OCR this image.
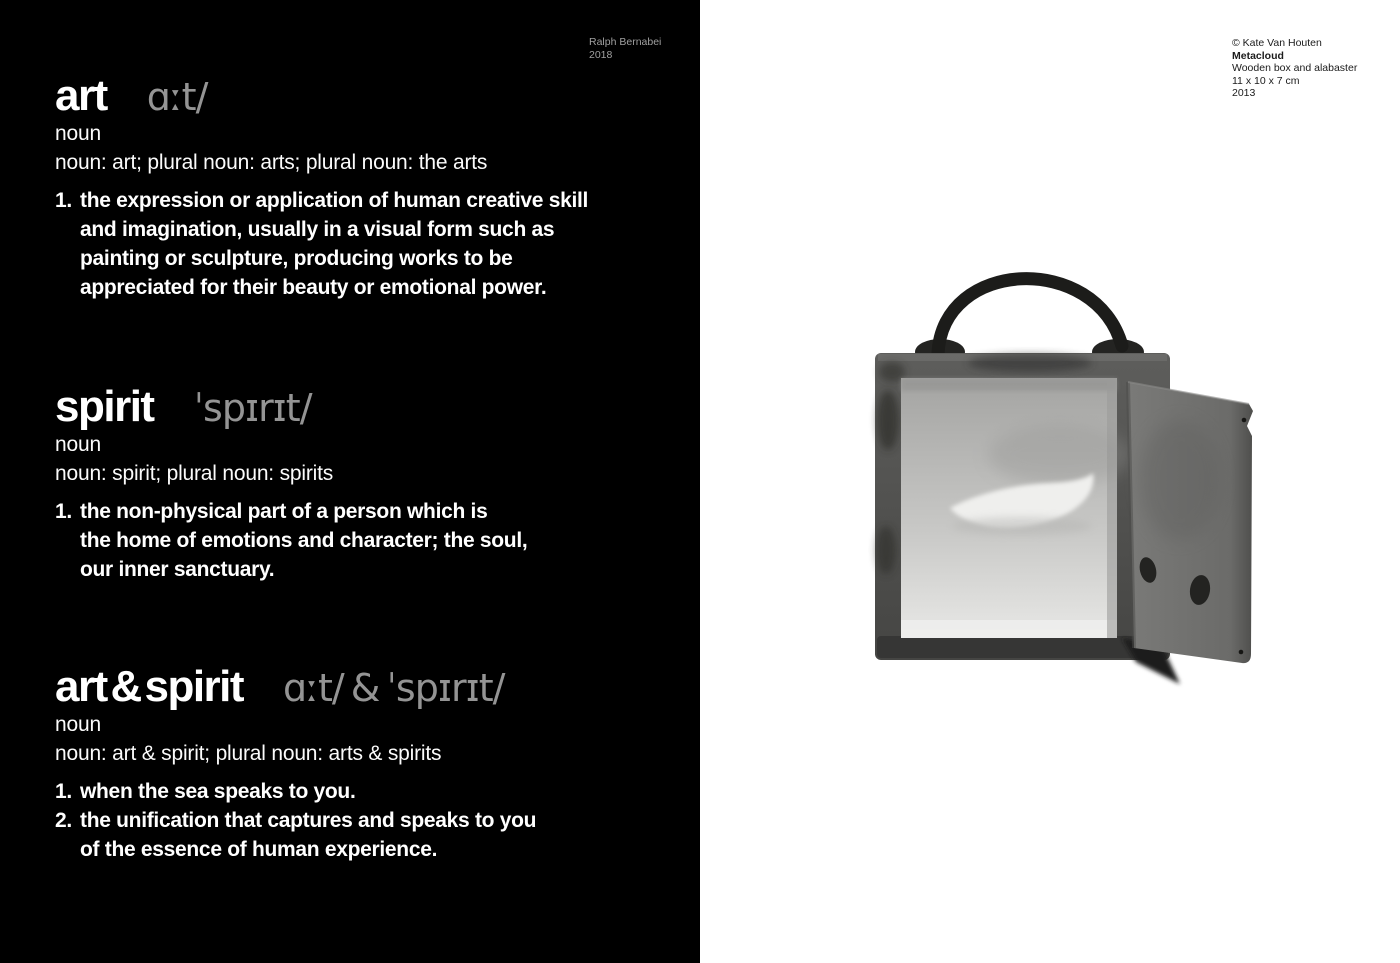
Ralph Bernabei
2018
art ɑːt/
noun
noun: art; plural noun: arts; plural noun: the arts
1. the expression or application of human creative skill
and imagination, usually in a visual form such as
painting or sculpture, producing works to be
appreciated for their beauty or emotional power.
spirit ˈspɪrɪt/
noun
noun: spirit; plural noun: spirits
1. the non-physical part of a person which is
the home of emotions and character; the soul,
our inner sanctuary.
art & spirit ɑːt/ & ˈspɪrɪt/
noun
noun: art & spirit; plural noun: arts & spirits
1. when the sea speaks to you.
2. the unification that captures and speaks to you
of the essence of human experience.
© Kate Van Houten
Metacloud
Wooden box and alabaster
11 x 10 x 7 cm
2013
